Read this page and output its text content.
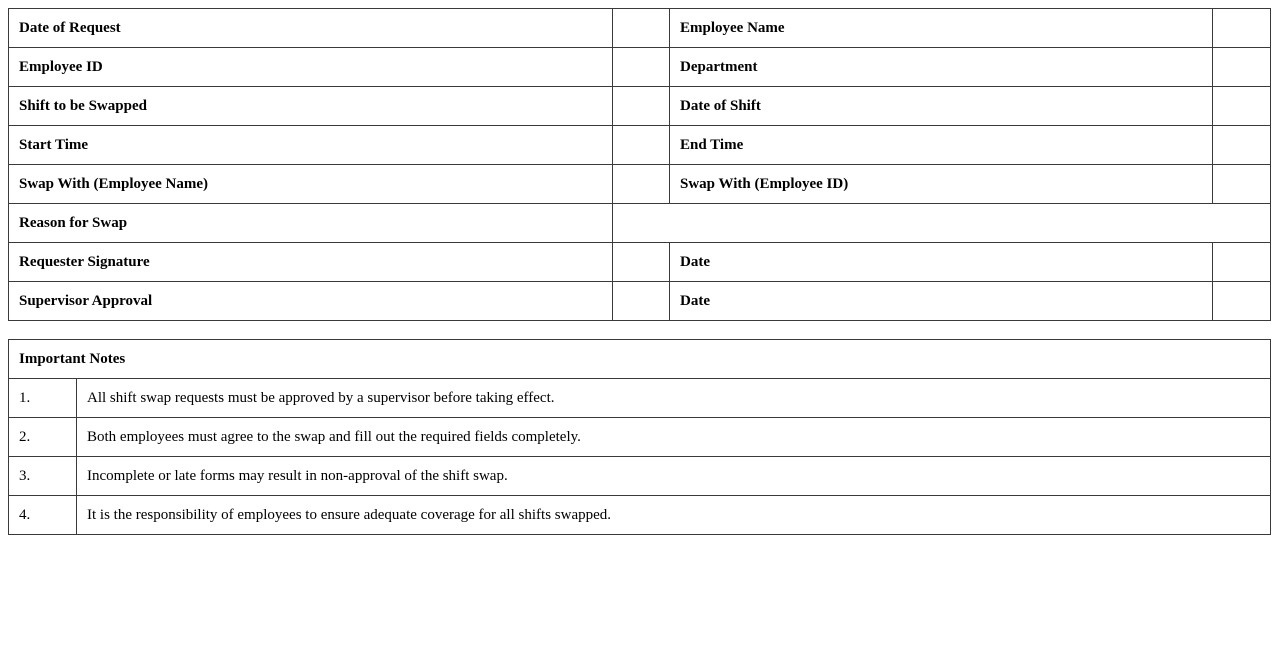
Date of Request		Employee Name	
Employee ID		Department	
Shift to be Swapped		Date of Shift	
Start Time		End Time	
Swap With (Employee Name)		Swap With (Employee ID)	
Reason for Swap			
Requester Signature		Date	
Supervisor Approval		Date	
Important Notes	
1.	All shift swap requests must be approved by a supervisor before taking effect.
2.	Both employees must agree to the swap and fill out the required fields completely.
3.	Incomplete or late forms may result in non-approval of the shift swap.
4.	It is the responsibility of employees to ensure adequate coverage for all shifts swapped.
